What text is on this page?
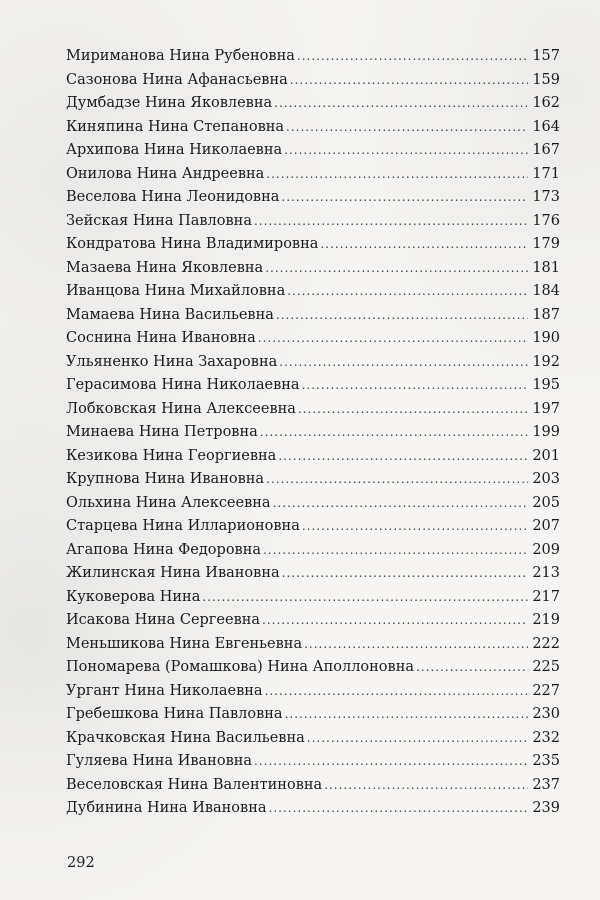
Мириманова Нина Рубеновна .....	157
Сазонова Нина Афанасьевна .....	159
Думбадзе Нина Яковлевна .....	162
Киняпина Нина Степановна .....	164
Архипова Нина Николаевна .....	167
Онилова Нина Андреевна .....	171
Веселова Нина Леонидовна .....	173
Зейская Нина Павловна .....	176
Кондратова Нина Владимировна .....	179
Мазаева Нина Яковлевна .....	181
Иванцова Нина Михайловна .....	184
Мамаева Нина Васильевна .....	187
Соснина Нина Ивановна .....	190
Ульяненко Нина Захаровна .....	192
Герасимова Нина Николаевна .....	195
Лобковская Нина Алексеевна .....	197
Минаева Нина Петровна .....	199
Кезикова Нина Георгиевна .....	201
Крупнова Нина Ивановна .....	203
Ольхина Нина Алексеевна .....	205
Старцева Нина Илларионовна .....	207
Агапова Нина Федоровна .....	209
Жилинская Нина Ивановна .....	213
Куковерова Нина .....	217
Исакова Нина Сергеевна .....	219
Меньшикова Нина Евгеньевна .....	222
Пономарева (Ромашкова) Нина Аполлоновна .....	225
Ургант Нина Николаевна .....	227
Гребешкова Нина Павловна .....	230
Крачковская Нина Васильевна .....	232
Гуляева Нина Ивановна .....	235
Веселовская Нина Валентиновна .....	237
Дубинина Нина Ивановна .....	239
292
